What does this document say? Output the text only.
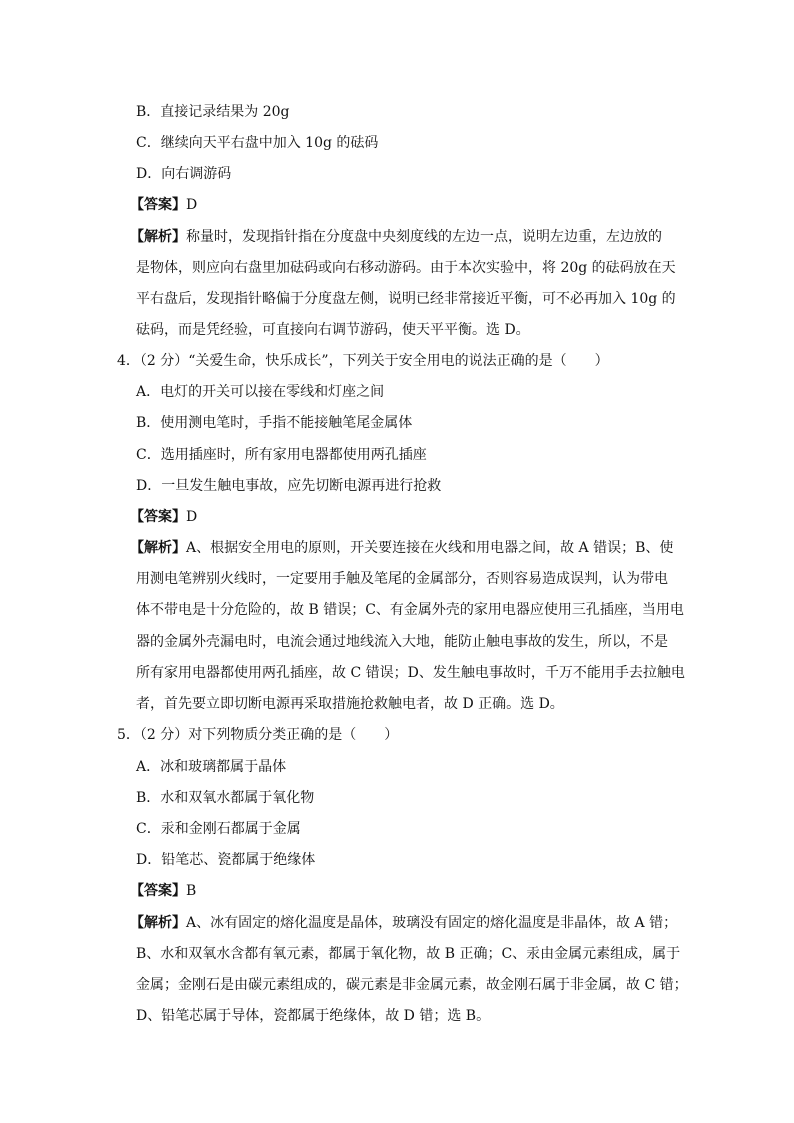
B．直接记录结果为 20g
C．继续向天平右盘中加入 10g 的砝码
D．向右调游码
【答案】D
【解析】称量时，发现指针指在分度盘中央刻度线的左边一点，说明左边重，左边放的
是物体，则应向右盘里加砝码或向右移动游码。由于本次实验中，将 20g 的砝码放在天
平右盘后，发现指针略偏于分度盘左侧，说明已经非常接近平衡，可不必再加入 10g 的
砝码，而是凭经验，可直接向右调节游码，使天平平衡。选 D。
4．（2 分）“关爱生命，快乐成长”，下列关于安全用电的说法正确的是（　　）
A．电灯的开关可以接在零线和灯座之间
B．使用测电笔时，手指不能接触笔尾金属体
C．选用插座时，所有家用电器都使用两孔插座
D．一旦发生触电事故，应先切断电源再进行抢救
【答案】D
【解析】A、根据安全用电的原则，开关要连接在火线和用电器之间，故 A 错误；B、使
用测电笔辨别火线时，一定要用手触及笔尾的金属部分，否则容易造成误判，认为带电
体不带电是十分危险的，故 B 错误；C、有金属外壳的家用电器应使用三孔插座，当用电
器的金属外壳漏电时，电流会通过地线流入大地，能防止触电事故的发生，所以，不是
所有家用电器都使用两孔插座，故 C 错误；D、发生触电事故时，千万不能用手去拉触电
者，首先要立即切断电源再采取措施抢救触电者，故 D 正确。选 D。
5．（2 分）对下列物质分类正确的是（　　）
A．冰和玻璃都属于晶体
B．水和双氧水都属于氧化物
C．汞和金刚石都属于金属
D．铅笔芯、瓷都属于绝缘体
【答案】B
【解析】A、冰有固定的熔化温度是晶体，玻璃没有固定的熔化温度是非晶体，故 A 错；
B、水和双氧水含都有氧元素，都属于氧化物，故 B 正确；C、汞由金属元素组成，属于
金属；金刚石是由碳元素组成的，碳元素是非金属元素，故金刚石属于非金属，故 C 错；
D、铅笔芯属于导体，瓷都属于绝缘体，故 D 错；选 B。
